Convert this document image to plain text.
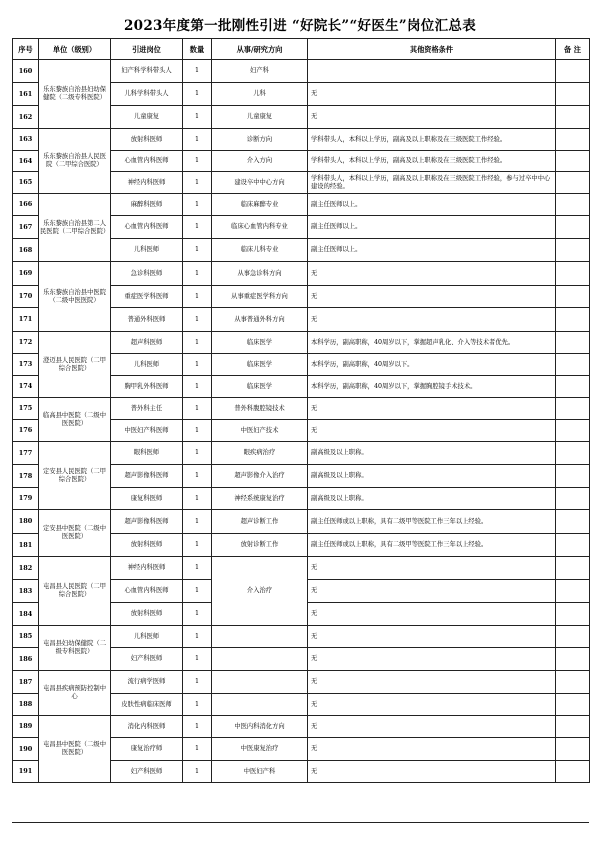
2023年度第一批刚性引进 “好院长”“好医生”岗位汇总表
序号	单位（级别）	引进岗位	数量	从事/研究方向	其他资格条件	备 注
160	乐东黎族自治县妇幼保健院（二级专科医院）	妇产科学科带头人	1	妇产科		
161		儿科学科带头人	1	儿科	无	
162		儿童康复	1	儿童康复	无	
163	乐东黎族自治县人民医院（二甲综合医院）	放射科医师	1	诊断方向	学科带头人，本科以上学历，副高及以上职称及在三级医院工作经验。	
164		心血管内科医师	1	介入方向	学科带头人，本科以上学历，副高及以上职称及在三级医院工作经验。	
165		神经内科医师	1	建设卒中中心方向	学科带头人，本科以上学历，副高及以上职称及在三级医院工作经验，参与过卒中中心建设的经验。	
166	乐东黎族自治县第二人民医院（二甲综合医院）	麻醉科医师	1	临床麻醉专业	副主任医师以上。	
167		心血管内科医师	1	临床心血管内科专业	副主任医师以上。	
168		儿科医师	1	临床儿科专业	副主任医师以上。	
169	乐东黎族自治县中医院（二级中医医院）	急诊科医师	1	从事急诊科方向	无	
170		重症医学科医师	1	从事重症医学科方向	无	
171		普通外科医师	1	从事普通外科方向	无	
172	澄迈县人民医院（二甲综合医院）	超声科医师	1	临床医学	本科学历，副高职称，40周岁以下，掌握超声乳化、介入等技术者优先。	
173		儿科医师	1	临床医学	本科学历，副高职称，40周岁以下。	
174		胸甲乳外科医师	1	临床医学	本科学历，副高职称，40周岁以下，掌握胸腔镜手术技术。	
175	临高县中医院（二级中医医院）	普外科主任	1	普外科腹腔镜技术	无	
176		中医妇产科医师	1	中医妇产技术	无	
177	定安县人民医院（二甲综合医院）	眼科医师	1	眼疾病治疗	副高级及以上职称。	
178		超声影像科医师	1	超声影像介入治疗	副高级及以上职称。	
179		康复科医师	1	神经系统康复治疗	副高级及以上职称。	
180	定安县中医院（二级中医医院）	超声影像科医师	1	超声诊断工作	副主任医师或以上职称，具有二级甲等医院工作三年以上经验。	
181		放射科医师	1	放射诊断工作	副主任医师或以上职称，具有二级甲等医院工作三年以上经验。	
182	屯昌县人民医院（二甲综合医院）	神经内科医师	1	介入治疗	无	
183		心血管内科医师	1		无	
184		放射科医师	1		无	
185	屯昌县妇幼保健院（二级专科医院）	儿科医师	1		无	
186		妇产科医师	1		无	
187	屯昌县疾病预防控制中心	流行病学医师	1		无	
188		皮肤性病临床医师	1		无	
189	屯昌县中医院（二级中医医院）	消化内科医师	1	中医内科消化方向	无	
190		康复治疗师	1	中医康复治疗	无	
191		妇产科医师	1	中医妇产科	无	
